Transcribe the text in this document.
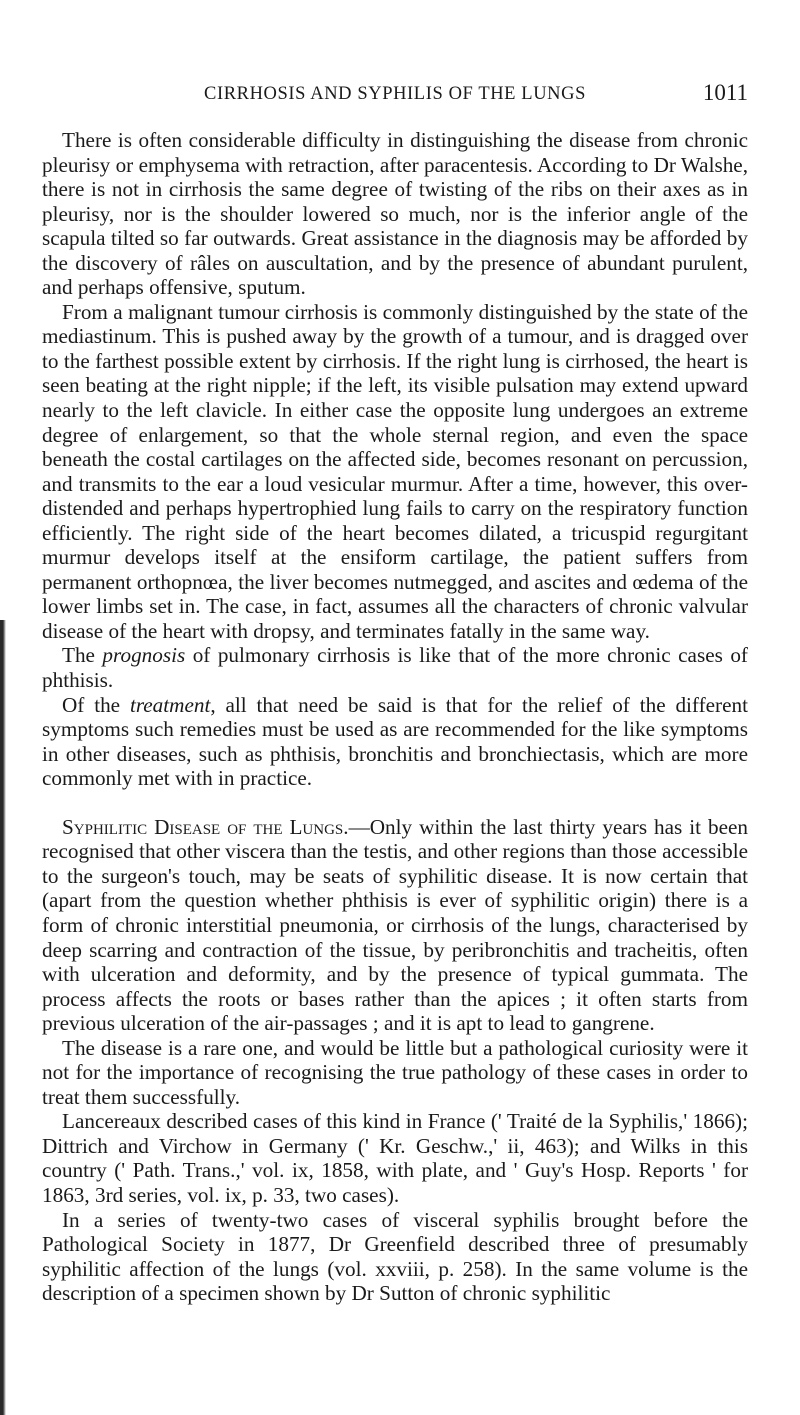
CIRRHOSIS AND SYPHILIS OF THE LUNGS	1011

There is often considerable difficulty in distinguishing the disease from chronic pleurisy or emphysema with retraction, after paracentesis. According to Dr Walshe, there is not in cirrhosis the same degree of twisting of the ribs on their axes as in pleurisy, nor is the shoulder lowered so much, nor is the inferior angle of the scapula tilted so far outwards. Great assistance in the diagnosis may be afforded by the discovery of râles on auscultation, and by the presence of abundant purulent, and perhaps offensive, sputum.

From a malignant tumour cirrhosis is commonly distinguished by the state of the mediastinum. This is pushed away by the growth of a tumour, and is dragged over to the farthest possible extent by cirrhosis. If the right lung is cirrhosed, the heart is seen beating at the right nipple; if the left, its visible pulsation may extend upward nearly to the left clavicle. In either case the opposite lung undergoes an extreme degree of enlargement, so that the whole sternal region, and even the space beneath the costal cartilages on the affected side, becomes resonant on percussion, and transmits to the ear a loud vesicular murmur. After a time, however, this over-distended and perhaps hypertrophied lung fails to carry on the respiratory function efficiently. The right side of the heart becomes dilated, a tricuspid regurgitant murmur develops itself at the ensiform cartilage, the patient suffers from permanent orthopnœa, the liver becomes nutmegged, and ascites and œdema of the lower limbs set in. The case, in fact, assumes all the characters of chronic valvular disease of the heart with dropsy, and terminates fatally in the same way.

The prognosis of pulmonary cirrhosis is like that of the more chronic cases of phthisis.

Of the treatment, all that need be said is that for the relief of the different symptoms such remedies must be used as are recommended for the like symptoms in other diseases, such as phthisis, bronchitis and bronchiectasis, which are more commonly met with in practice.

Syphilitic Disease of the Lungs.—Only within the last thirty years has it been recognised that other viscera than the testis, and other regions than those accessible to the surgeon's touch, may be seats of syphilitic disease. It is now certain that (apart from the question whether phthisis is ever of syphilitic origin) there is a form of chronic interstitial pneumonia, or cirrhosis of the lungs, characterised by deep scarring and contraction of the tissue, by peribronchitis and tracheitis, often with ulceration and deformity, and by the presence of typical gummata. The process affects the roots or bases rather than the apices ; it often starts from previous ulceration of the air-passages ; and it is apt to lead to gangrene.

The disease is a rare one, and would be little but a pathological curiosity were it not for the importance of recognising the true pathology of these cases in order to treat them successfully.

Lancereaux described cases of this kind in France (' Traité de la Syphilis,' 1866); Dittrich and Virchow in Germany (' Kr. Geschw.,' ii, 463); and Wilks in this country (' Path. Trans.,' vol. ix, 1858, with plate, and ' Guy's Hosp. Reports ' for 1863, 3rd series, vol. ix, p. 33, two cases).

In a series of twenty-two cases of visceral syphilis brought before the Pathological Society in 1877, Dr Greenfield described three of presumably syphilitic affection of the lungs (vol. xxviii, p. 258). In the same volume is the description of a specimen shown by Dr Sutton of chronic syphilitic
